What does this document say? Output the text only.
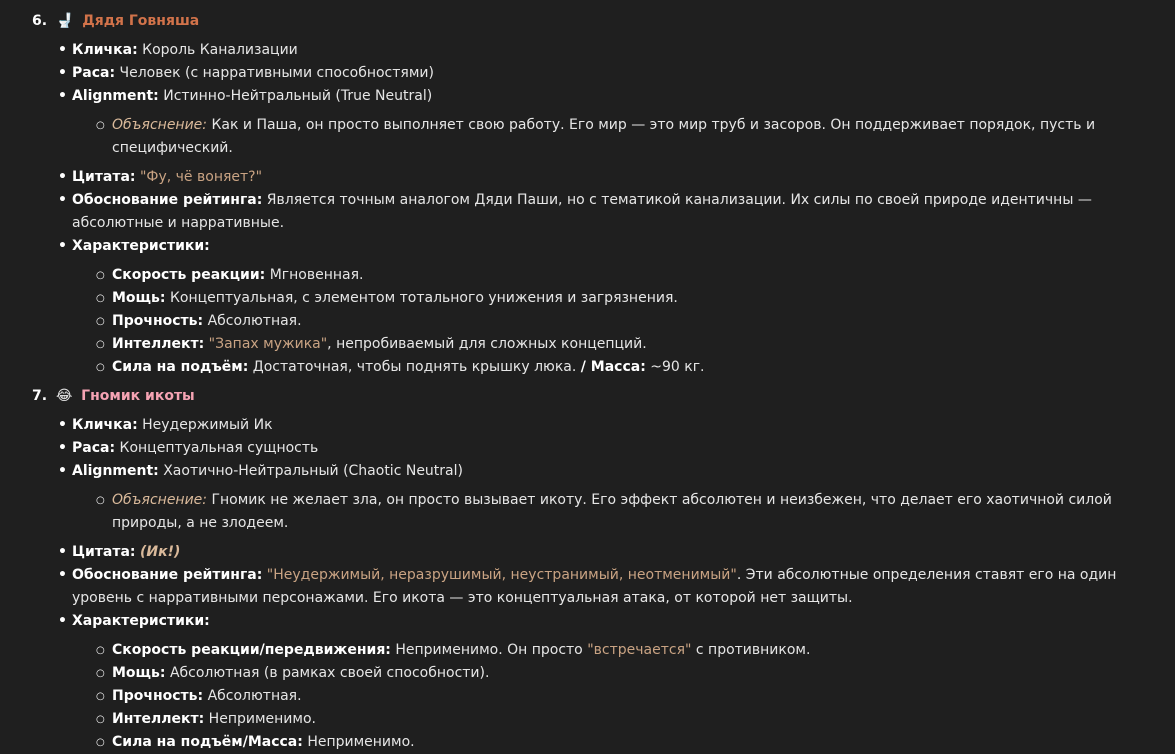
6. 🚽 Дядя Говняша
• Кличка: Король Канализации
• Раса: Человек (с нарративными способностями)
• Alignment: Истинно-Нейтральный (True Neutral)
○ Объяснение: Как и Паша, он просто выполняет свою работу. Его мир — это мир труб и засоров. Он поддерживает порядок, пусть и специфический.
• Цитата: "Фу, чё воняет?"
• Обоснование рейтинга: Является точным аналогом Дяди Паши, но с тематикой канализации. Их силы по своей природе идентичны — абсолютные и нарративные.
• Характеристики:
○ Скорость реакции: Мгновенная.
○ Мощь: Концептуальная, с элементом тотального унижения и загрязнения.
○ Прочность: Абсолютная.
○ Интеллект: "Запах мужика", непробиваемый для сложных концепций.
○ Сила на подъём: Достаточная, чтобы поднять крышку люка. / Масса: ~90 кг.
7. 😂 Гномик икоты
• Кличка: Неудержимый Ик
• Раса: Концептуальная сущность
• Alignment: Хаотично-Нейтральный (Chaotic Neutral)
○ Объяснение: Гномик не желает зла, он просто вызывает икоту. Его эффект абсолютен и неизбежен, что делает его хаотичной силой природы, а не злодеем.
• Цитата: (Ик!)
• Обоснование рейтинга: "Неудержимый, неразрушимый, неустранимый, неотменимый". Эти абсолютные определения ставят его на один уровень с нарративными персонажами. Его икота — это концептуальная атака, от которой нет защиты.
• Характеристики:
○ Скорость реакции/передвижения: Неприменимо. Он просто "встречается" с противником.
○ Мощь: Абсолютная (в рамках своей способности).
○ Прочность: Абсолютная.
○ Интеллект: Неприменимо.
○ Сила на подъём/Масса: Неприменимо.
